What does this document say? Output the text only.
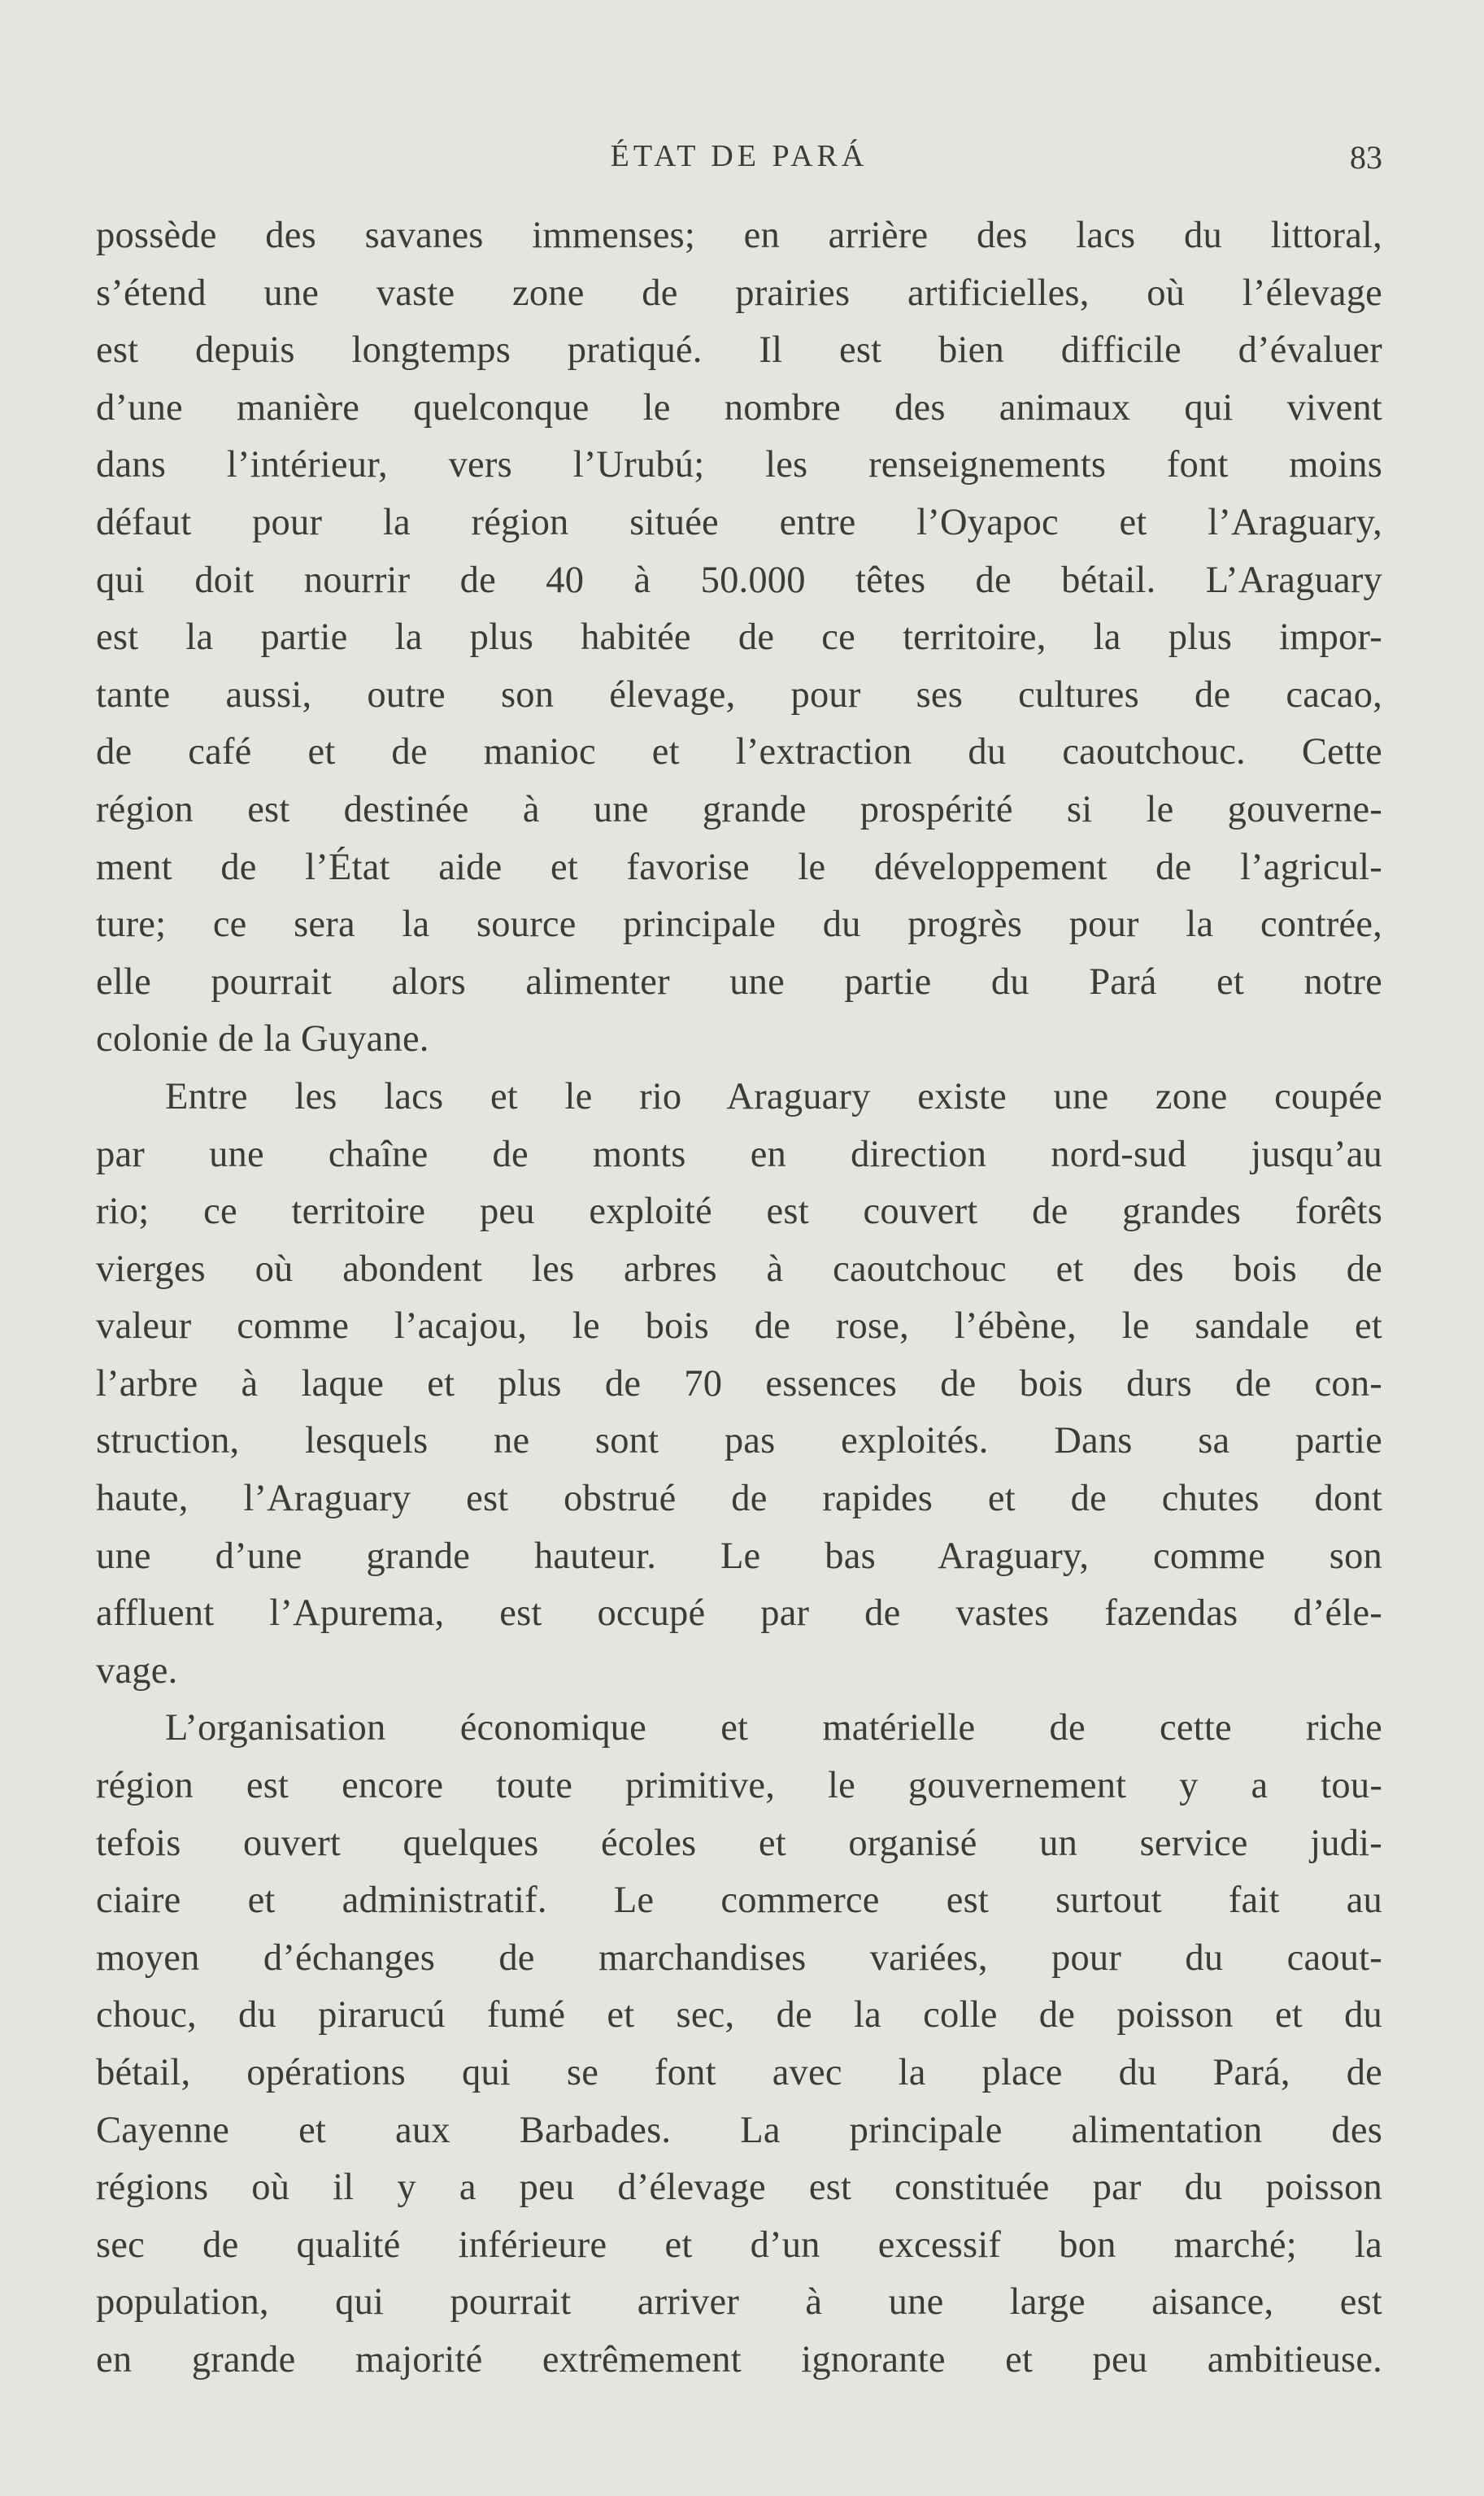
ÉTAT DE PARÁ	83
possède des savanes immenses; en arrière des lacs du littoral,
s’étend une vaste zone de prairies artificielles, où l’élevage
est depuis longtemps pratiqué. Il est bien difficile d’évaluer
d’une manière quelconque le nombre des animaux qui vivent
dans l’intérieur, vers l’Urubú; les renseignements font moins
défaut pour la région située entre l’Oyapoc et l’Araguary,
qui doit nourrir de 40 à 50.000 têtes de bétail. L’Araguary
est la partie la plus habitée de ce territoire, la plus impor-
tante aussi, outre son élevage, pour ses cultures de cacao,
de café et de manioc et l’extraction du caoutchouc. Cette
région est destinée à une grande prospérité si le gouverne-
ment de l’État aide et favorise le développement de l’agricul-
ture; ce sera la source principale du progrès pour la contrée,
elle pourrait alors alimenter une partie du Pará et notre
colonie de la Guyane.
Entre les lacs et le rio Araguary existe une zone coupée
par une chaîne de monts en direction nord-sud jusqu’au
rio; ce territoire peu exploité est couvert de grandes forêts
vierges où abondent les arbres à caoutchouc et des bois de
valeur comme l’acajou, le bois de rose, l’ébène, le sandale et
l’arbre à laque et plus de 70 essences de bois durs de con-
struction, lesquels ne sont pas exploités. Dans sa partie
haute, l’Araguary est obstrué de rapides et de chutes dont
une d’une grande hauteur. Le bas Araguary, comme son
affluent l’Apurema, est occupé par de vastes fazendas d’éle-
vage.
L’organisation économique et matérielle de cette riche
région est encore toute primitive, le gouvernement y a tou-
tefois ouvert quelques écoles et organisé un service judi-
ciaire et administratif. Le commerce est surtout fait au
moyen d’échanges de marchandises variées, pour du caout-
chouc, du pirarucú fumé et sec, de la colle de poisson et du
bétail, opérations qui se font avec la place du Pará, de
Cayenne et aux Barbades. La principale alimentation des
régions où il y a peu d’élevage est constituée par du poisson
sec de qualité inférieure et d’un excessif bon marché; la
population, qui pourrait arriver à une large aisance, est
en grande majorité extrêmement ignorante et peu ambitieuse.
